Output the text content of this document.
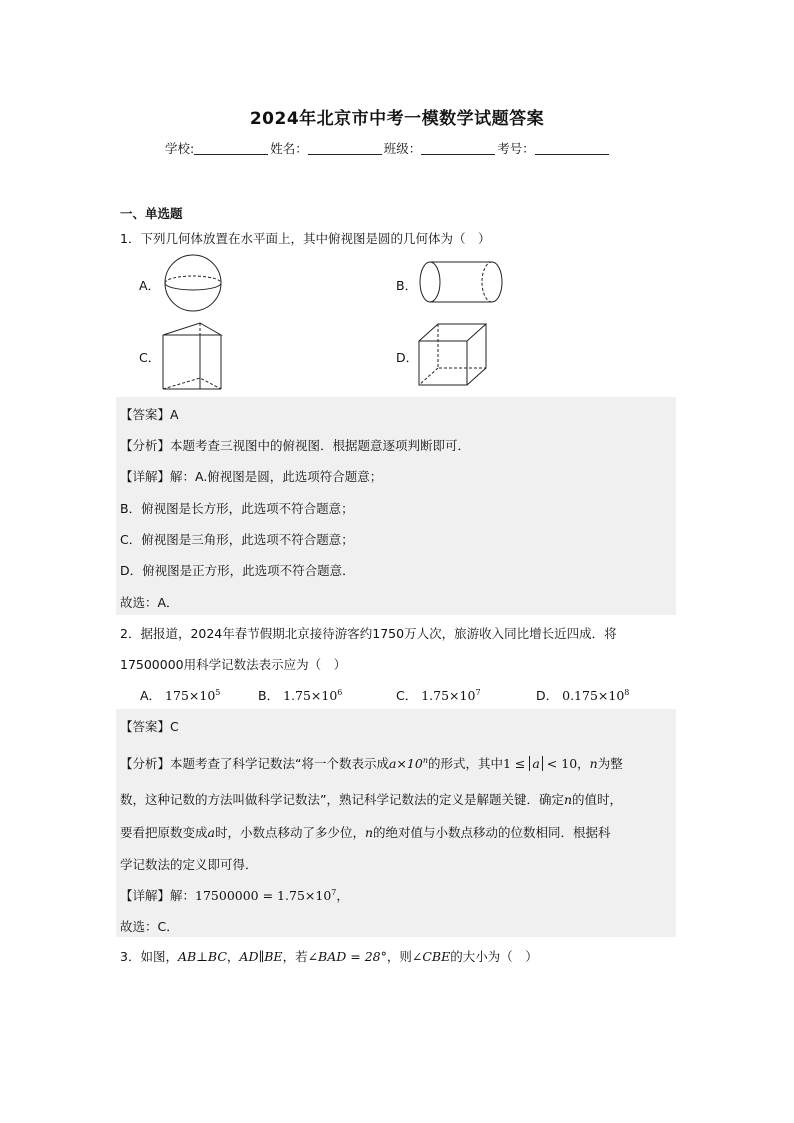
2024年北京市中考一模数学试题答案
学校:	姓名：	班级：	考号：
一、单选题
1．下列几何体放置在水平面上，其中俯视图是圆的几何体为（　）
A．	B．
C．	D．
【答案】A
【分析】本题考查三视图中的俯视图．根据题意逐项判断即可．
【详解】解：A.俯视图是圆，此选项符合题意；
B．俯视图是长方形，此选项不符合题意；
C．俯视图是三角形，此选项不符合题意；
D．俯视图是正方形，此选项不符合题意．
故选：A．
2．据报道，2024年春节假期北京接待游客约1750万人次，旅游收入同比增长近四成．将
17500000用科学记数法表示应为（　）
A． $175\times 10^5$	B． $1.75\times 10^6$	C． $1.75\times 10^7$	D． $0.175\times 10^8$
【答案】C
【分析】本题考查了科学记数法“将一个数表示成$a\times 10^n$的形式，其中1 ≤ a < 10，n为整
数，这种记数的方法叫做科学记数法”，熟记科学记数法的定义是解题关键．确定n的值时，
要看把原数变成a时，小数点移动了多少位，n的绝对值与小数点移动的位数相同．根据科
学记数法的定义即可得．
【详解】解：$17500000 = 1.75\times 10^7$，
故选：C．
3．如图，AB⊥BC，AD∥BE，若∠BAD = 28°，则∠CBE的大小为（　）
